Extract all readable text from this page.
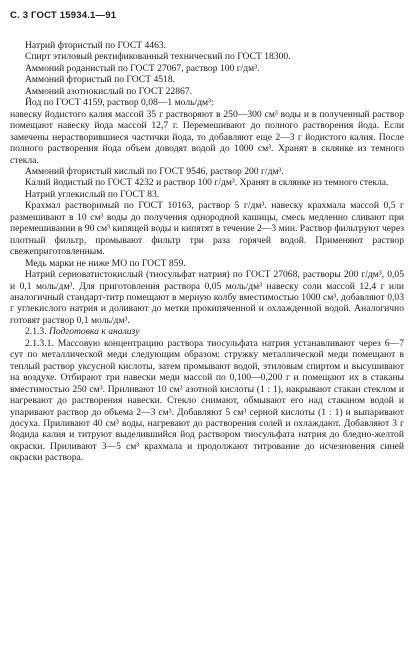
С. 3 ГОСТ 15934.1—91

Натрий фтористый по ГОСТ 4463.

Спирт этиловый ректификованный технический по ГОСТ 18300.

Аммоний роданистый по ГОСТ 27067, раствор 100 г/дм³.

Аммоний фтористый по ГОСТ 4518.

Аммоний азотнокислый по ГОСТ 22867.

Йод по ГОСТ 4159, раствор 0,08—1 моль/дм³:

навеску йодистого калия массой 35 г растворяют в 250—300 см³ воды и в полученный раствор помещают навеску йода массой 12,7 г. Перемешивают до полного растворения йода. Если замечены нерастворившиеся частички йода, то добавляют еще 2—3 г йодистого калия. После полного растворения йода объем доводят водой до 1000 см³. Хранят в склянке из темного стекла.

Аммоний фтористый кислый по ГОСТ 9546, раствор 200 г/дм³.

Калий йодистый по ГОСТ 4232 и раствор 100 г/дм³. Хранят в склянке из темного стекла.

Натрий углекислый по ГОСТ 83.

Крахмал растворимый по ГОСТ 10163, раствор 5 г/дм³. навеску крахмала массой 0,5 г размешивают в 10 см³ воды до получения однородной кашицы, смесь медленно сливают при перемешивании в 90 см³ кипящей воды и кипятят в течение 2—3 мин. Раствор фильтруют через плотный фильтр, промывают фильтр три раза горячей водой. Применяют раствор свежеприготовленным.

Медь марки не ниже МО по ГОСТ 859.

Натрий серноватистокислый (тиосульфат натрия) по ГОСТ 27068, растворы 200 г/дм³, 0,05 и 0,1 моль/дм³. Для приготовления раствора 0,05 моль/дм³ навеску соли массой 12,4 г или аналогичный стандарт-титр помещают в мерную колбу вместимостью 1000 см³, добавляют 0,03 г углекислого натрия и доливают до метки прокипяченной и охлажденной водой. Аналогично готовят раствор 0,1 моль/дм³.

2.1.3. Подготовка к анализу

2.1.3.1. Массовую концентрацию раствора тиосульфата натрия устанавливают через 6—7 сут по металлической меди следующим образом: стружку металлической меди помещают в теплый раствор уксусной кислоты, затем промывают водой, этиловым спиртом и высушивают на воздухе. Отбирают три навески меди массой по 0,100—0,200 г и помещают их в стаканы вместимостью 250 см³. Приливают 10 см³ азотной кислоты (1 : 1), накрывают стакан стеклом и нагревают до растворения навески. Стекло снимают, обмывают его над стаканом водой и упаривают раствор до объема 2—3 см³. Добавляют 5 см³ серной кислоты (1 : 1) и выпаривают досуха. Приливают 40 см³ воды, нагревают до растворения солей и охлаждают. Добавляют 3 г йодида калия и титруют выделившийся йод раствором тиосульфата натрия до бледно-желтой окраски. Приливают 3—5 см³ крахмала и продолжают титрование до исчезновения синей окраски раствора.
